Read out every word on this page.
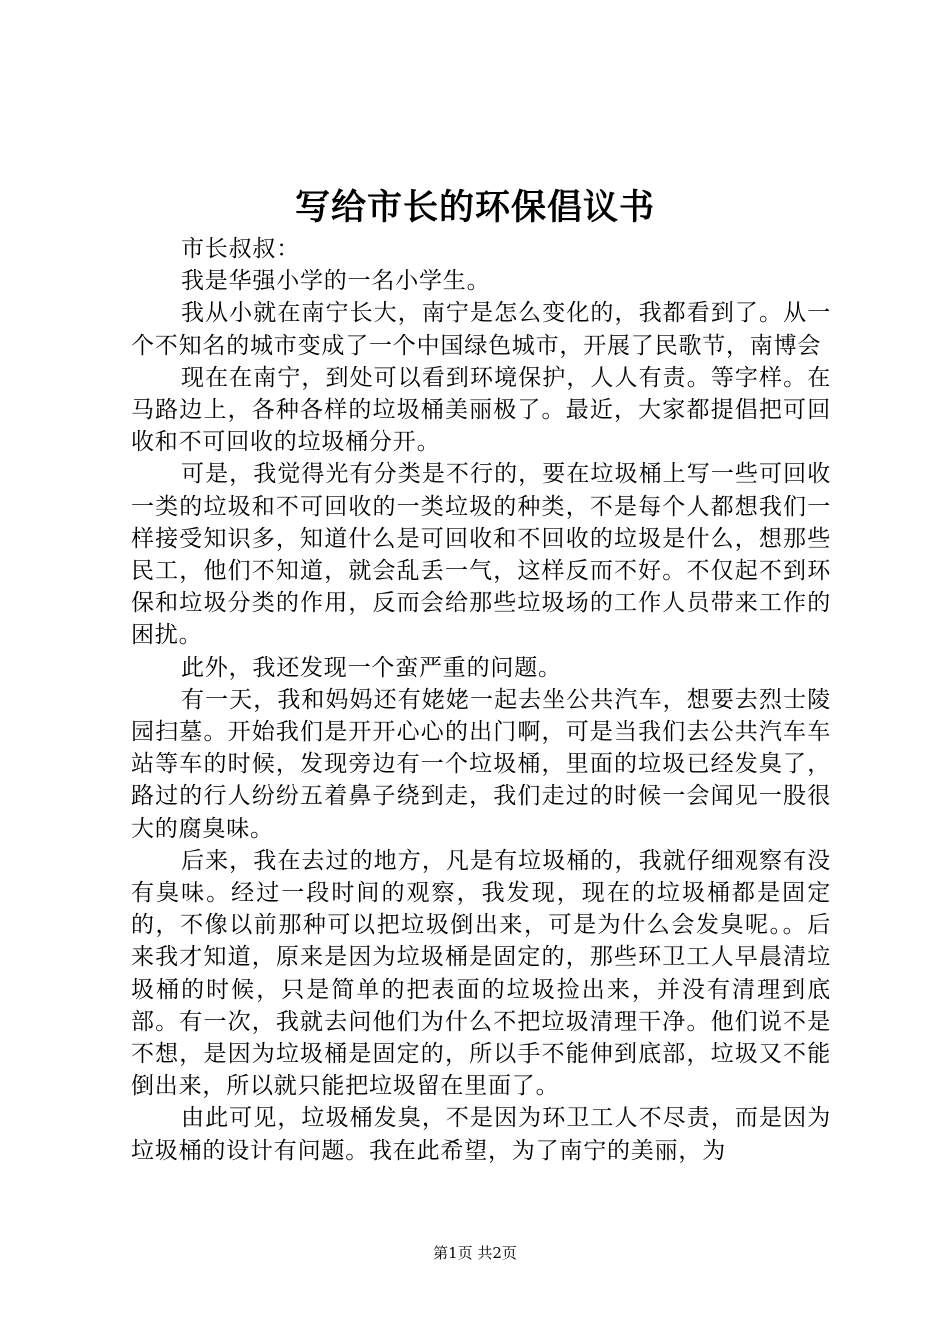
写给市长的环保倡议书

市长叔叔：

我是华强小学的一名小学生。

我从小就在南宁长大，南宁是怎么变化的，我都看到了。从一个不知名的城市变成了一个中国绿色城市，开展了民歌节，南博会

现在在南宁，到处可以看到环境保护，人人有责。等字样。在马路边上，各种各样的垃圾桶美丽极了。最近，大家都提倡把可回收和不可回收的垃圾桶分开。

可是，我觉得光有分类是不行的，要在垃圾桶上写一些可回收一类的垃圾和不可回收的一类垃圾的种类，不是每个人都想我们一样接受知识多，知道什么是可回收和不回收的垃圾是什么，想那些民工，他们不知道，就会乱丢一气，这样反而不好。不仅起不到环保和垃圾分类的作用，反而会给那些垃圾场的工作人员带来工作的困扰。

此外，我还发现一个蛮严重的问题。

有一天，我和妈妈还有姥姥一起去坐公共汽车，想要去烈士陵园扫墓。开始我们是开开心心的出门啊，可是当我们去公共汽车车站等车的时候，发现旁边有一个垃圾桶，里面的垃圾已经发臭了，路过的行人纷纷五着鼻子绕到走，我们走过的时候一会闻见一股很大的腐臭味。

后来，我在去过的地方，凡是有垃圾桶的，我就仔细观察有没有臭味。经过一段时间的观察，我发现，现在的垃圾桶都是固定的，不像以前那种可以把垃圾倒出来，可是为什么会发臭呢。。后来我才知道，原来是因为垃圾桶是固定的，那些环卫工人早晨清垃圾桶的时候，只是简单的把表面的垃圾捡出来，并没有清理到底部。有一次，我就去问他们为什么不把垃圾清理干净。他们说不是不想，是因为垃圾桶是固定的，所以手不能伸到底部，垃圾又不能倒出来，所以就只能把垃圾留在里面了。

由此可见，垃圾桶发臭，不是因为环卫工人不尽责，而是因为垃圾桶的设计有问题。我在此希望，为了南宁的美丽，为

第1页 共2页
